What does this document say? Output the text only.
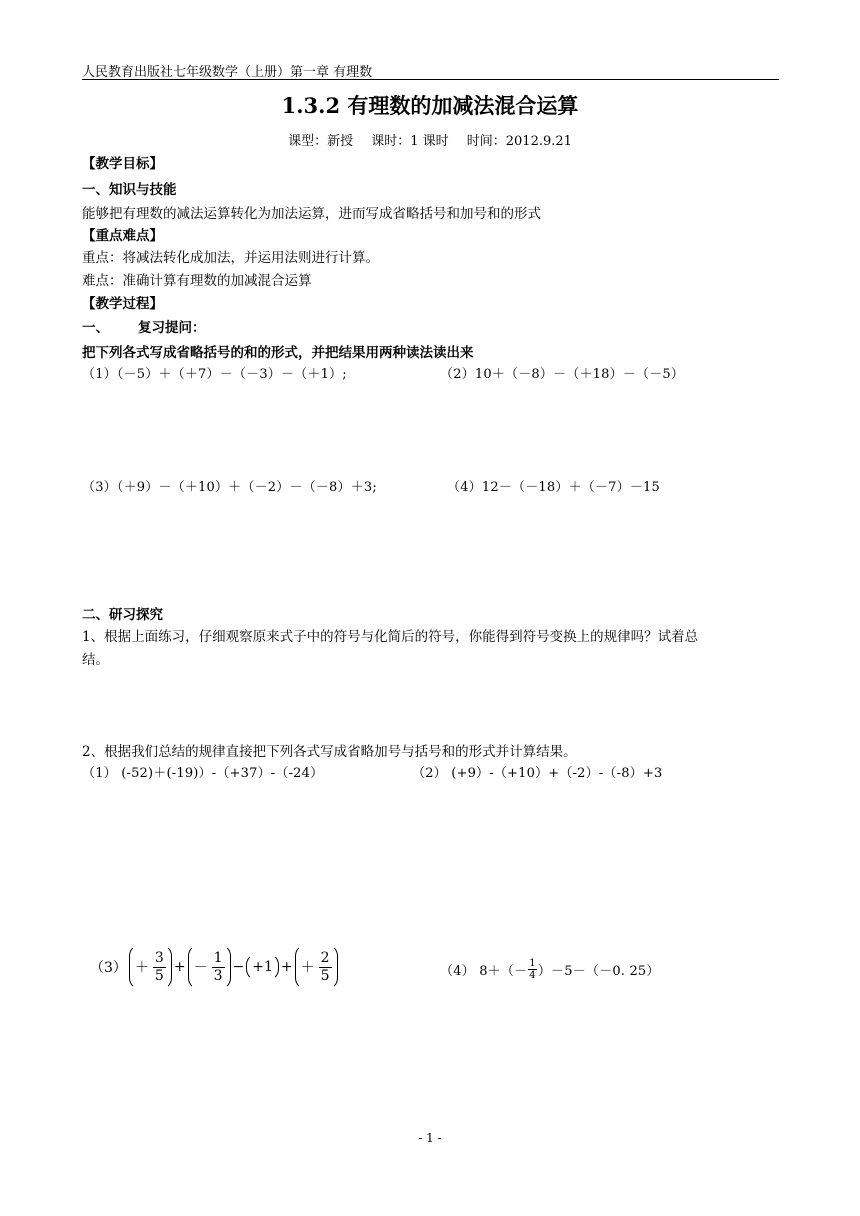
人民教育出版社七年级数学（上册）第一章 有理数
1.3.2 有理数的加减法混合运算
课型：新授 课时：1 课时 时间：2012.9.21
【教学目标】
一、知识与技能
能够把有理数的减法运算转化为加法运算，进而写成省略括号和加号和的形式
【重点难点】
重点：将减法转化成加法，并运用法则进行计算。
难点：准确计算有理数的加减混合运算
【教学过程】
一、 复习提问：
把下列各式写成省略括号的和的形式，并把结果用两种读法读出来
（1）（－5）＋（＋7）－（－3）－（＋1）;	（2）10＋（－8）－（＋18）－（－5）
（3）（＋9）－（＋10）＋（－2）－（－8）＋3;	（4）12－（－18）＋（－7）－15
二、研习探究
1、根据上面练习，仔细观察原来式子中的符号与化简后的符号，你能得到符号变换上的规律吗？试着总
结。
2、根据我们总结的规律直接把下列各式写成省略加号与括号和的形式并计算结果。
（1） (-52)＋(-19)）-（+37）-（-24）	（2） (+9）-（+10）+（-2）-（-8）+3
$(3) + \frac{3}{5}$ + － $\frac{1}{3} - +1$ + ＋ $\frac{2}{5}$	（4） $8+(- \frac{1}{4} )-5-(-0$. 25）
- 1 -
